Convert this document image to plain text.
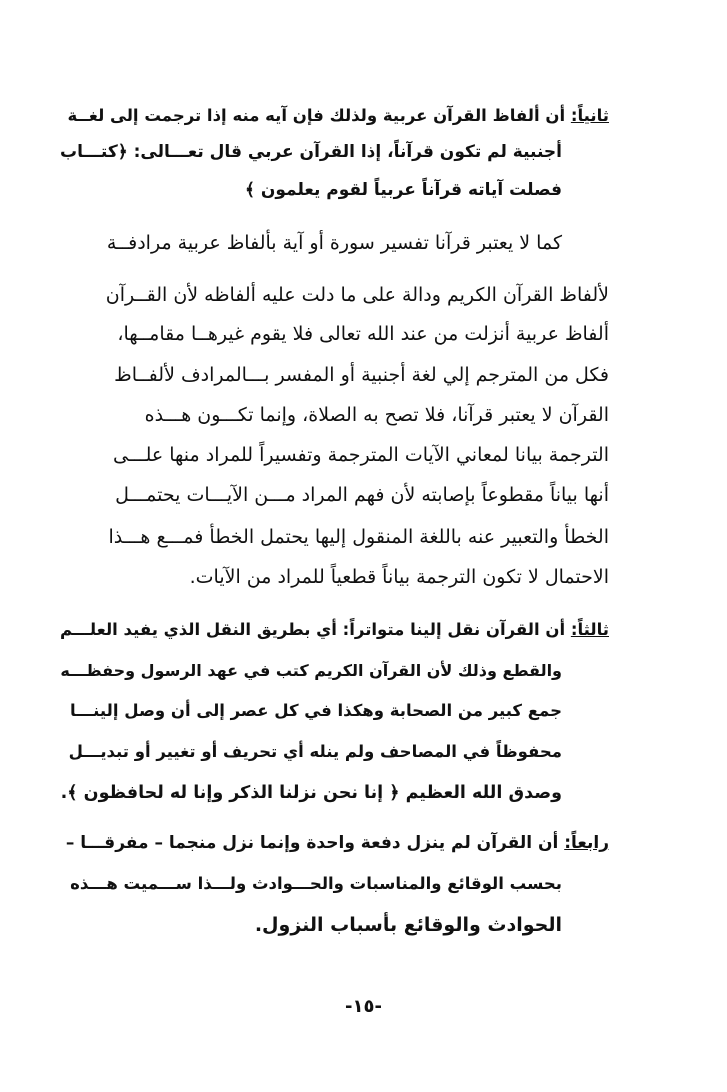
ثانياً: أن ألفاظ القرآن عربية ولذلك فإن آيه منه إذا ترجمت إلى لغــة
أجنبية لم تكون قرآناً، إذا القرآن عربي قال تعـــالى: ﴿كتـــاب
فصلت آياته قرآناً عربياً لقوم يعلمون ﴾
كما لا يعتبر قرآنا تفسير سورة أو آية بألفاظ عربية مرادفــة
لألفاظ القرآن الكريم ودالة على ما دلت عليه ألفاظه لأن القــرآن
ألفاظ عربية أنزلت من عند الله تعالى فلا يقوم غيرهــا مقامــها،
فكل من المترجم إلي لغة أجنبية أو المفسر بـــالمرادف لألفــاظ
القرآن لا يعتبر قرآنا، فلا تصح به الصلاة، وإنما تكـــون هـــذه
الترجمة بيانا لمعاني الآيات المترجمة وتفسيراً للمراد منها علـــى
أنها بياناً مقطوعاً بإصابته لأن فهم المراد مـــن الآيـــات يحتمـــل
الخطأ والتعبير عنه باللغة المنقول إليها يحتمل الخطأ فمـــع هـــذا
الاحتمال لا تكون الترجمة بياناً قطعياً للمراد من الآيات.
ثالثاً: أن القرآن نقل إلينا متواتراً: أي بطريق النقل الذي يفيد العلـــم
والقطع وذلك لأن القرآن الكريم كتب في عهد الرسول وحفظـــه
جمع كبير من الصحابة وهكذا في كل عصر إلى أن وصل إلينـــا
محفوظاً في المصاحف ولم ينله أي تحريف أو تغيير أو تبديـــل
وصدق الله العظيم ﴿ إنا نحن نزلنا الذكر وإنا له لحافظون ﴾.
رابعاً: أن القرآن لم ينزل دفعة واحدة وإنما نزل منجما – مفرقـــا –
بحسب الوقائع والمناسبات والحـــوادث ولـــذا ســـميت هـــذه
الحوادث والوقائع بأسباب النزول.
-١٥-
